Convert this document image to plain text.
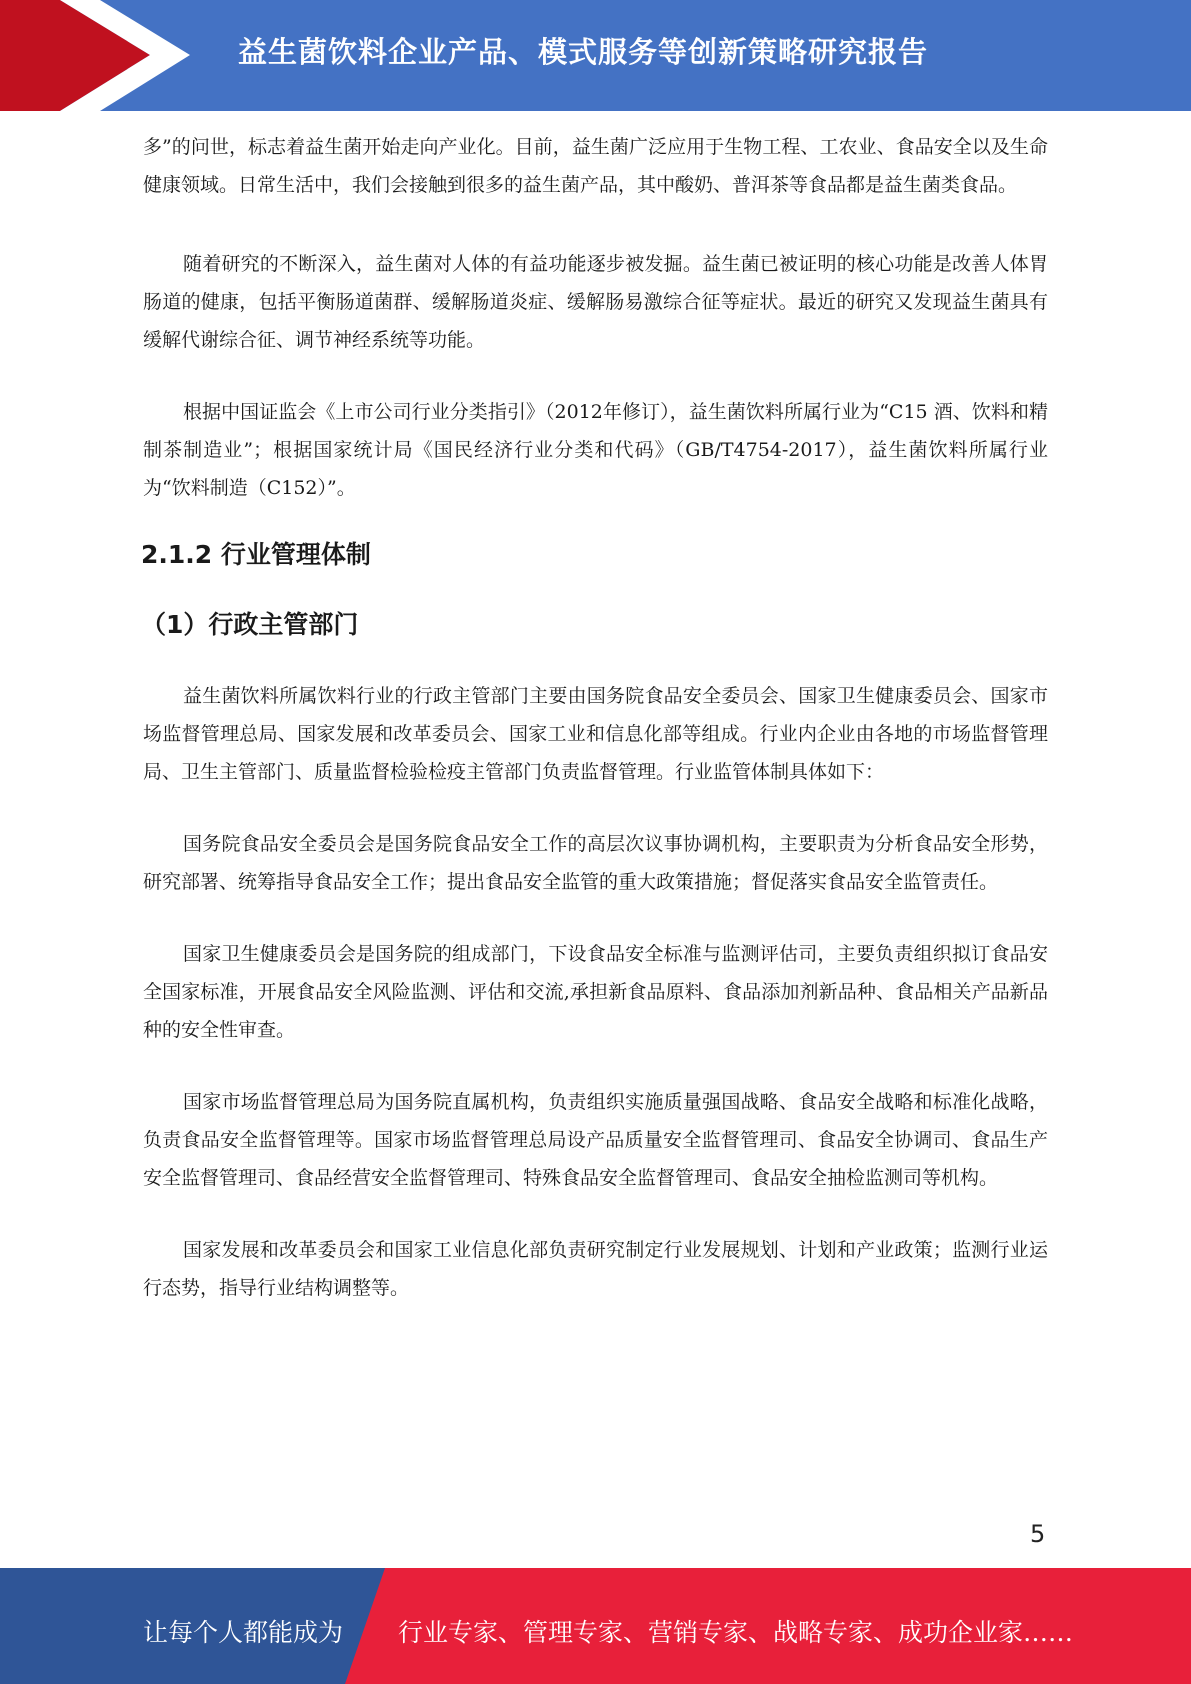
益生菌饮料企业产品、模式服务等创新策略研究报告

多”的问世，标志着益生菌开始走向产业化。目前，益生菌广泛应用于生物工程、工农业、食品安全以及生命健康领域。日常生活中，我们会接触到很多的益生菌产品，其中酸奶、普洱茶等食品都是益生菌类食品。

随着研究的不断深入，益生菌对人体的有益功能逐步被发掘。益生菌已被证明的核心功能是改善人体胃肠道的健康，包括平衡肠道菌群、缓解肠道炎症、缓解肠易激综合征等症状。最近的研究又发现益生菌具有缓解代谢综合征、调节神经系统等功能。

根据中国证监会《上市公司行业分类指引》（2012年修订），益生菌饮料所属行业为“C15 酒、饮料和精制茶制造业”；根据国家统计局《国民经济行业分类和代码》（GB/T4754-2017），益生菌饮料所属行业为“饮料制造（C152）”。

2.1.2 行业管理体制
（1）行政主管部门

益生菌饮料所属饮料行业的行政主管部门主要由国务院食品安全委员会、国家卫生健康委员会、国家市场监督管理总局、国家发展和改革委员会、国家工业和信息化部等组成。行业内企业由各地的市场监督管理局、卫生主管部门、质量监督检验检疫主管部门负责监督管理。行业监管体制具体如下：

国务院食品安全委员会是国务院食品安全工作的高层次议事协调机构，主要职责为分析食品安全形势，研究部署、统筹指导食品安全工作；提出食品安全监管的重大政策措施；督促落实食品安全监管责任。

国家卫生健康委员会是国务院的组成部门，下设食品安全标准与监测评估司，主要负责组织拟订食品安全国家标准，开展食品安全风险监测、评估和交流,承担新食品原料、食品添加剂新品种、食品相关产品新品种的安全性审查。

国家市场监督管理总局为国务院直属机构，负责组织实施质量强国战略、食品安全战略和标准化战略，负责食品安全监督管理等。国家市场监督管理总局设产品质量安全监督管理司、食品安全协调司、食品生产安全监督管理司、食品经营安全监督管理司、特殊食品安全监督管理司、食品安全抽检监测司等机构。

国家发展和改革委员会和国家工业信息化部负责研究制定行业发展规划、计划和产业政策；监测行业运行态势，指导行业结构调整等。

5
让每个人都能成为 行业专家、管理专家、营销专家、战略专家、成功企业家……
